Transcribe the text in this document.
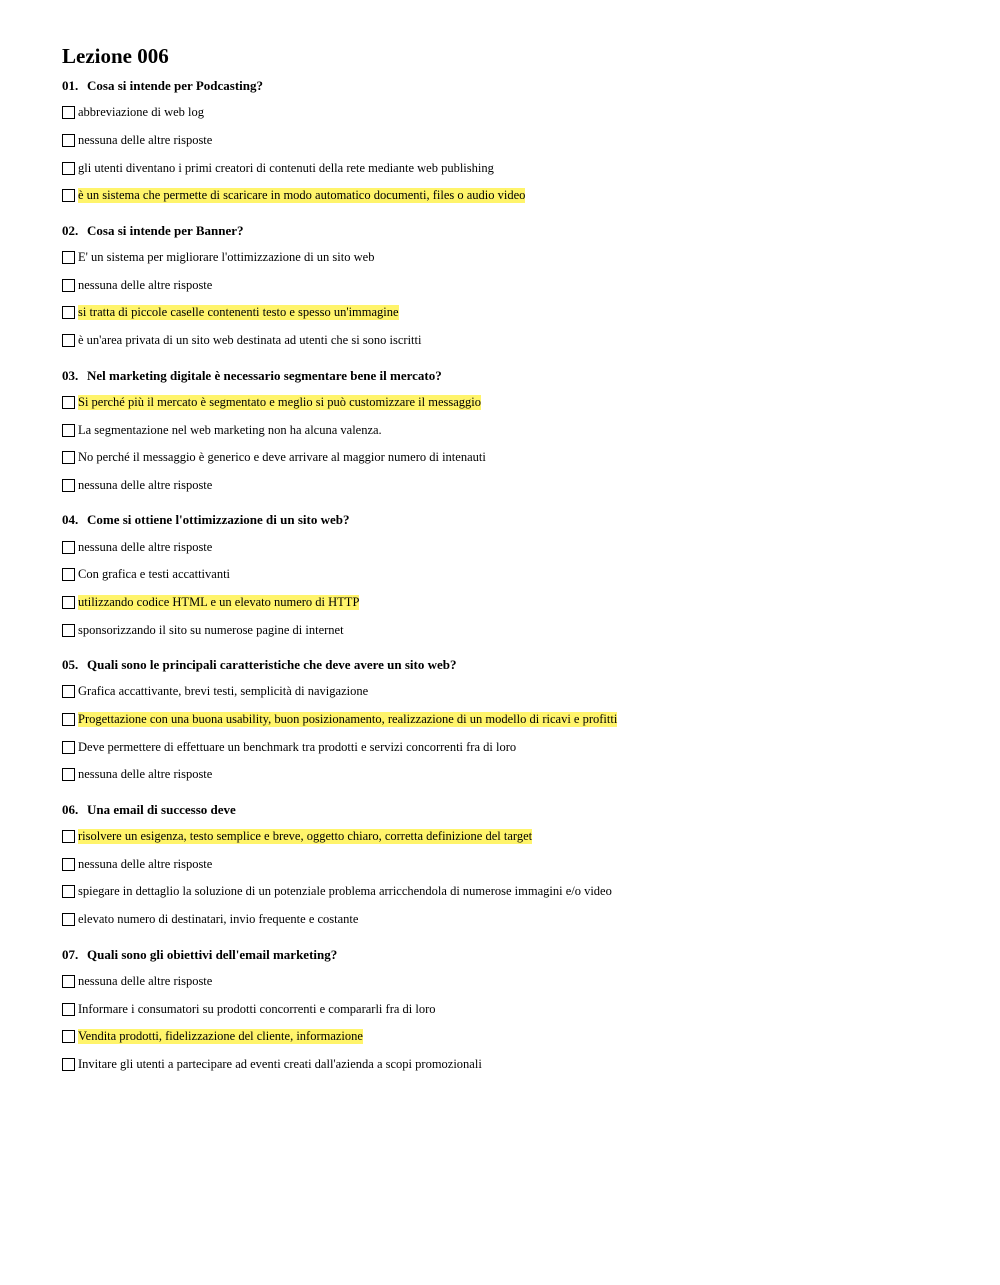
Lezione 006
01. Cosa si intende per Podcasting?
abbreviazione di web log
nessuna delle altre risposte
gli utenti diventano i primi creatori di contenuti della rete mediante web publishing
è un sistema che permette di scaricare in modo automatico documenti, files o audio video
02. Cosa si intende per Banner?
E' un sistema per migliorare l'ottimizzazione di un sito web
nessuna delle altre risposte
si tratta di piccole caselle contenenti testo e spesso un'immagine
è un'area privata di un sito web destinata ad utenti che si sono iscritti
03. Nel marketing digitale è necessario segmentare bene il mercato?
Si perché più il mercato è segmentato e meglio si può customizzare il messaggio
La segmentazione nel web marketing non ha alcuna valenza.
No perché il messaggio è generico e deve arrivare al maggior numero di intenauti
nessuna delle altre risposte
04. Come si ottiene l'ottimizzazione di un sito web?
nessuna delle altre risposte
Con grafica e testi accattivanti
utilizzando codice HTML e un elevato numero di HTTP
sponsorizzando il sito su numerose pagine di internet
05. Quali sono le principali caratteristiche che deve avere un sito web?
Grafica accattivante, brevi testi, semplicità di navigazione
Progettazione con una buona usability, buon posizionamento, realizzazione di un modello di ricavi e profitti
Deve permettere di effettuare un benchmark tra prodotti e servizi concorrenti fra di loro
nessuna delle altre risposte
06. Una email di successo deve
risolvere un esigenza, testo semplice e breve, oggetto chiaro, corretta definizione del target
nessuna delle altre risposte
spiegare in dettaglio la soluzione di un potenziale problema arricchendola di numerose immagini e/o video
elevato numero di destinatari, invio frequente e costante
07. Quali sono gli obiettivi dell'email marketing?
nessuna delle altre risposte
Informare i consumatori su prodotti concorrenti e compararli fra di loro
Vendita prodotti, fidelizzazione del cliente, informazione
Invitare gli utenti a partecipare ad eventi creati dall'azienda a scopi promozionali
